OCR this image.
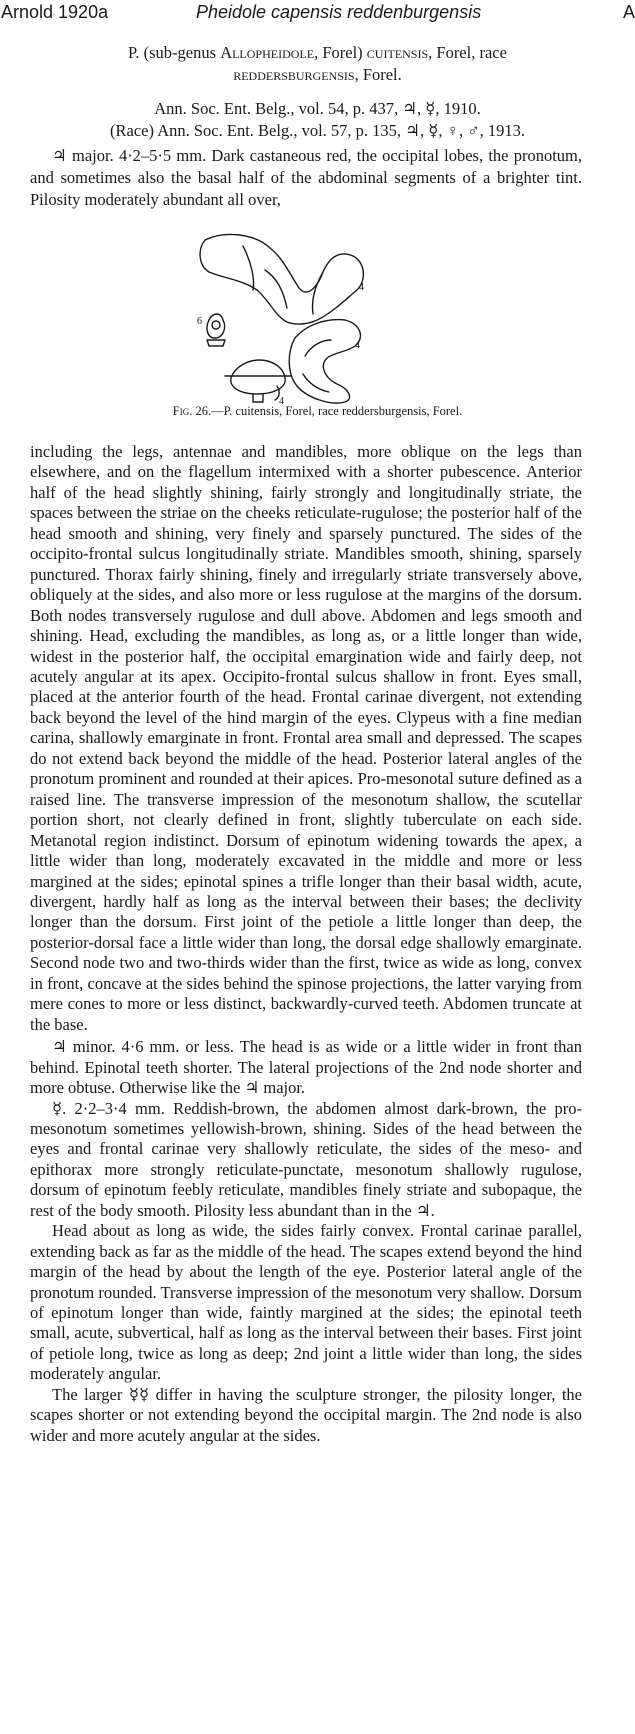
Arnold 1920a	Pheidole capensis reddenburgensis	A
P. (sub-genus Allopheidole, Forel) cuitensis, Forel, race
reddersburgensis, Forel.
Ann. Soc. Ent. Belg., vol. 54, p. 437, ♃, ☿, 1910.
(Race) Ann. Soc. Ent. Belg., vol. 57, p. 135, ♃, ☿, ♀, ♂, 1913.
♃ major. 4·2–5·5 mm. Dark castaneous red, the occipital lobes, the pronotum, and sometimes also the basal half of the abdominal segments of a brighter tint. Pilosity moderately abundant all over,
4
4
4
6
Fig. 26.—P. cuitensis, Forel, race reddersburgensis, Forel.

including the legs, antennae and mandibles, more oblique on the legs than elsewhere, and on the flagellum intermixed with a shorter pubescence. Anterior half of the head slightly shining, fairly strongly and longitudinally striate, the spaces between the striae on the cheeks reticulate-rugulose; the posterior half of the head smooth and shining, very finely and sparsely punctured. The sides of the occipito-frontal sulcus longitudinally striate. Mandibles smooth, shining, sparsely punctured. Thorax fairly shining, finely and irregularly striate transversely above, obliquely at the sides, and also more or less rugulose at the margins of the dorsum. Both nodes transversely rugulose and dull above. Abdomen and legs smooth and shining. Head, excluding the mandibles, as long as, or a little longer than wide, widest in the posterior half, the occipital emargination wide and fairly deep, not acutely angular at its apex. Occipito-frontal sulcus shallow in front. Eyes small, placed at the anterior fourth of the head. Frontal carinae divergent, not extending back beyond the level of the hind margin of the eyes. Clypeus with a fine median carina, shallowly emarginate in front. Frontal area small and depressed. The scapes do not extend back beyond the middle of the head. Posterior lateral angles of the pronotum prominent and rounded at their apices. Pro-mesonotal suture defined as a raised line. The transverse impression of the mesonotum shallow, the scutellar portion short, not clearly defined in front, slightly tuberculate on each side. Metanotal region indistinct. Dorsum of epinotum widening towards the apex, a little wider than long, moderately excavated in the middle and more or less margined at the sides; epinotal spines a trifle longer than their basal width, acute, divergent, hardly half as long as the interval between their bases; the declivity longer than the dorsum. First joint of the petiole a little longer than deep, the posterior-dorsal face a little wider than long, the dorsal edge shallowly emarginate. Second node two and two-thirds wider than the first, twice as wide as long, convex in front, concave at the sides behind the spinose projections, the latter varying from mere cones to more or less distinct, backwardly-curved teeth. Abdomen truncate at the base.

♃ minor. 4·6 mm. or less. The head is as wide or a little wider in front than behind. Epinotal teeth shorter. The lateral projections of the 2nd node shorter and more obtuse. Otherwise like the ♃ major.

☿. 2·2–3·4 mm. Reddish-brown, the abdomen almost dark-brown, the pro-mesonotum sometimes yellowish-brown, shining. Sides of the head between the eyes and frontal carinae very shallowly reticulate, the sides of the meso- and epithorax more strongly reticulate-punctate, mesonotum shallowly rugulose, dorsum of epinotum feebly reticulate, mandibles finely striate and subopaque, the rest of the body smooth. Pilosity less abundant than in the ♃.

Head about as long as wide, the sides fairly convex. Frontal carinae parallel, extending back as far as the middle of the head. The scapes extend beyond the hind margin of the head by about the length of the eye. Posterior lateral angle of the pronotum rounded. Transverse impression of the mesonotum very shallow. Dorsum of epinotum longer than wide, faintly margined at the sides; the epinotal teeth small, acute, subvertical, half as long as the interval between their bases. First joint of petiole long, twice as long as deep; 2nd joint a little wider than long, the sides moderately angular.

The larger ☿☿ differ in having the sculpture stronger, the pilosity longer, the scapes shorter or not extending beyond the occipital margin. The 2nd node is also wider and more acutely angular at the sides.
